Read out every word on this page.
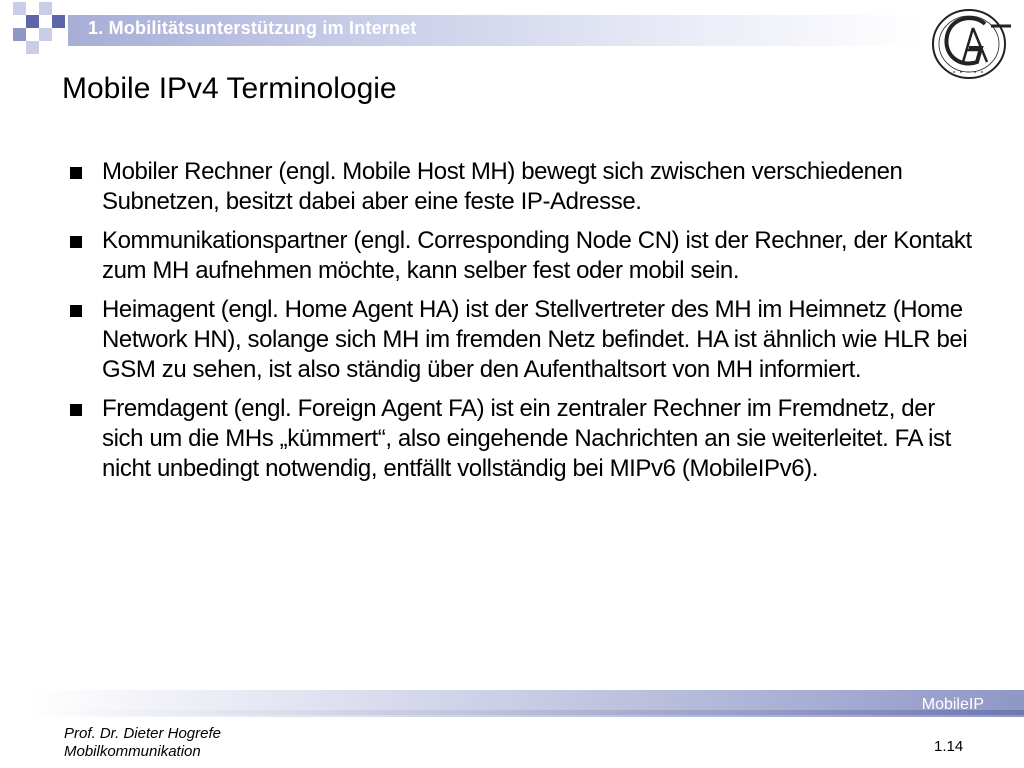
1. Mobilitätsunterstützung im Internet
Mobile IPv4 Terminologie
Mobiler Rechner (engl. Mobile Host MH) bewegt sich zwischen verschiedenen Subnetzen, besitzt dabei aber eine feste IP-Adresse.
Kommunikationspartner (engl. Corresponding Node CN) ist der Rechner, der Kontakt zum MH aufnehmen möchte, kann selber fest oder mobil sein.
Heimagent (engl. Home Agent HA) ist der Stellvertreter des MH im Heimnetz (Home Network HN), solange sich MH im fremden Netz befindet. HA ist ähnlich wie HLR bei GSM zu sehen, ist also ständig über den Aufenthaltsort von MH informiert.
Fremdagent (engl. Foreign Agent FA) ist ein zentraler Rechner im Fremdnetz, der sich um die MHs „kümmert“, also eingehende Nachrichten an sie weiterleitet. FA ist nicht unbedingt notwendig, entfällt vollständig bei MIPv6 (MobileIPv6).
MobileIP
Prof. Dr. Dieter Hogrefe
Mobilkommunikation	1.14
